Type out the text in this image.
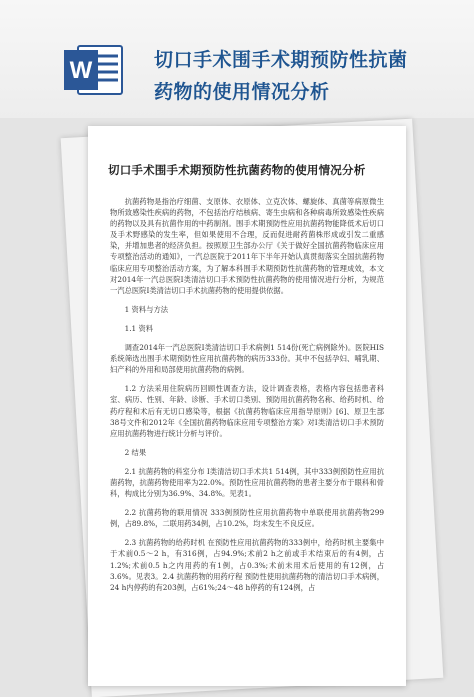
W	切口手术围手术期预防性抗菌
药物的使用情况分析
切口手术围手术期预防性抗菌药物的使用情况分析

抗菌药物是指治疗细菌、支原体、衣原体、立克次体、螺旋体、真菌等病原微生物所致感染性疾病的药物，不包括治疗结核病、寄生虫病和各种病毒所致感染性疾病的药物以及具有抗菌作用的中药制剂。围手术期预防性应用抗菌药物能降低术后切口及手术野感染的发生率，但如果使用不合理，反而促进耐药菌株形成或引发二重感染，并增加患者的经济负担。按照原卫生部办公厅《关于做好全国抗菌药物临床应用专项整治活动的通知》，一汽总医院于2011年下半年开始认真贯彻落实全国抗菌药物临床应用专项整治活动方案，为了解本科围手术期预防性抗菌药物的管理成效，本文对2014年一汽总医院Ⅰ类清洁切口手术预防性抗菌药物的使用情况进行分析，为规范一汽总医院Ⅰ类清洁切口手术抗菌药物的使用提供依据。

1 资料与方法

1.1 资料

调查2014年一汽总医院Ⅰ类清洁切口手术病例1 514份(死亡病例除外)。医院HIS系统筛选出围手术期预防性应用抗菌药物的病历333份。其中不包括孕妇、哺乳期、妇产科的外用和局部使用抗菌药物的病例。

1.2 方法采用住院病历回顾性调查方法，设计调查表格，表格内容包括患者科室、病历、性别、年龄、诊断、手术切口类别、预防用抗菌药物名称、给药时机、给药疗程和术后有无切口感染等，根据《抗菌药物临床应用指导原则》[6]、原卫生部38号文件和2012年《全国抗菌药物临床应用专项整治方案》对Ⅰ类清洁切口手术预防应用抗菌药物进行统计分析与评价。

2 结果

2.1 抗菌药物的科室分布 Ⅰ类清洁切口手术共1 514例，其中333例预防性应用抗菌药物，抗菌药物使用率为22.0%。预防性应用抗菌药物的患者主要分布于眼科和骨科，构成比分别为36.9%、34.8%。见表1。

2.2 抗菌药物的联用情况 333例预防性应用抗菌药物中单联使用抗菌药物299例，占89.8%，二联用药34例，占10.2%，均未发生不良反应。

2.3 抗菌药物的给药时机 在预防性应用抗菌药物的333例中，给药时机主要集中于术前0.5～2 h，有316例，占94.9%;术前2 h之前或手术结束后的有4例，占1.2%;术前0.5 h之内用药的有1例，占0.3%;术前未用术后使用的有12例，占3.6%。见表3。2.4 抗菌药物的用药疗程 预防性使用抗菌药物的清洁切口手术病例，24 h内停药的有203例，占61%;24～48 h停药的有124例，占
